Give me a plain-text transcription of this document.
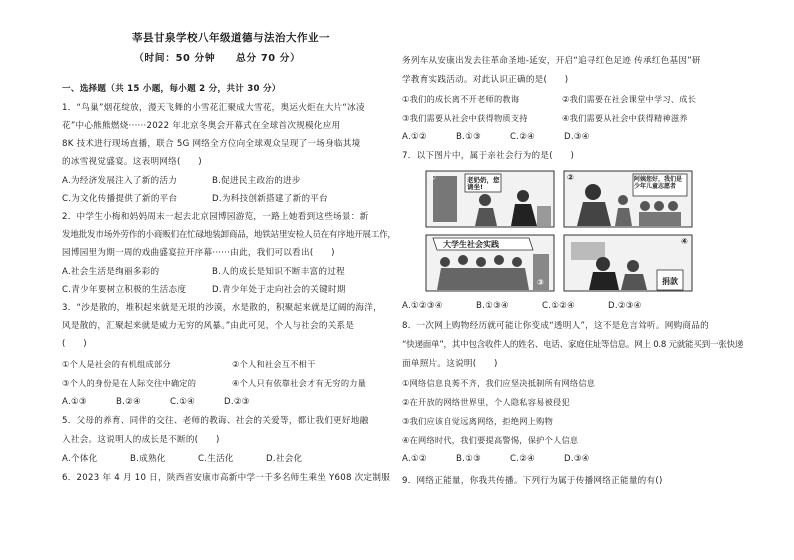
莘县甘泉学校八年级道德与法治大作业一
（时间：50 分钟　　总分 70 分）
一、选择题（共 15 小题，每小题 2 分，共计 30 分）
1．“鸟巢”烟花绽放，漫天飞舞的小雪花汇聚成大雪花，奥运火炬在大片“冰凌
花”中心熊熊燃烧······2022 年北京冬奥会开幕式在全球首次规模化应用
8K 技术进行现场直播，联合 5G 网络全方位向全球观众呈现了一场身临其境
的冰雪视觉盛宴。这表明网络(　　)
A.为经济发展注入了新的活力	B.促进民主政治的进步
C.为文化传播提供了新的平台	D.为科技创新搭建了新的平台
2．中学生小梅和妈妈周末一起去北京园博园游览，一路上她看到这些场景：新
发地批发市场外劳作的小商贩们在忙碌地装卸商品，地铁站里安检人员在有序地开展工作，
园博园里为期一周的戏曲盛宴拉开序幕······由此，我们可以看出(　　)
A.社会生活是绚丽多彩的	B.人的成长是知识不断丰富的过程
C.青少年要树立积极的生活态度	D.青少年处于走向社会的关键时期
3．“沙是散的，堆积起来就是无垠的沙漠，水是散的，积聚起来就是辽阔的海洋，
风是散的，汇聚起来就是威力无穷的风暴。”由此可见，个人与社会的关系是
(　　)
①个人是社会的有机组成部分	②个人和社会互不相干
③个人的身份是在人际交往中确定的	④个人只有依靠社会才有无穷的力量
A.①③	B.②④	C.①④	D.②③
5．父母的养育、同伴的交往、老师的教诲、社会的关爱等，都让我们更好地融
入社会。这说明人的成长是不断的(　　)
A.个体化	B.成熟化	C.生活化	D.社会化
6．2023 年 4 月 10 日，陕西省安康市高新中学一千多名师生乘坐 Y608 次定制服
务列车从安康出发去往革命圣地-延安，开启“追寻红色足迹 传承红色基因”研
学教育实践活动。对此认识正确的是(　　)
①我们的成长离不开老师的教诲	②我们需要在社会课堂中学习、成长
③我们需要从社会中获得物质支持	④我们需要从社会中获得精神滋养
A.①②	B.①③	C.②④	D.③④
7．以下图片中，属于亲社会行为的是(　　)
老奶奶，您请坐!
①	阿姨您好，我们是少年儿童志愿者
②
大学生社会实践
③	捐款
④
A.①②③④	B.①③④	C.①②④	D.②③④
8．一次网上购物经历就可能让你变成“透明人”，这不是危言耸听。网购商品的
“快递面单”，其中包含收件人的姓名、电话、家庭住址等信息。网上 0.8 元就能买到一张快递
面单照片。这说明(　　)
①网络信息良莠不齐，我们应坚决抵制所有网络信息
②在开放的网络世界里，个人隐私容易被侵犯
③我们应该自觉远离网络，拒绝网上购物
④在网络时代，我们要提高警惕，保护个人信息
A.①②	B.①③	C.②④	D.③④
9．网络正能量，你我共传播。下列行为属于传播网络正能量的有()
